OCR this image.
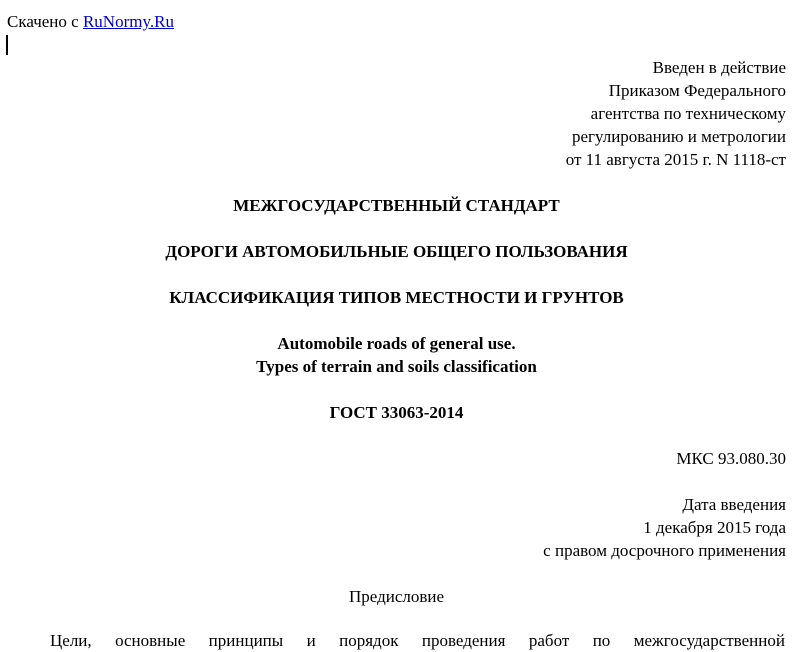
Скачено с RuNormy.Ru
Введен в действие
Приказом Федерального
агентства по техническому
регулированию и метрологии
от 11 августа 2015 г. N 1118-ст
МЕЖГОСУДАРСТВЕННЫЙ СТАНДАРТ
ДОРОГИ АВТОМОБИЛЬНЫЕ ОБЩЕГО ПОЛЬЗОВАНИЯ
КЛАССИФИКАЦИЯ ТИПОВ МЕСТНОСТИ И ГРУНТОВ
Automobile roads of general use.
Types of terrain and soils classification
ГОСТ 33063-2014
МКС 93.080.30
Дата введения
1 декабря 2015 года
с правом досрочного применения
Предисловие
Цели, основные принципы и порядок проведения работ по межгосударственной
